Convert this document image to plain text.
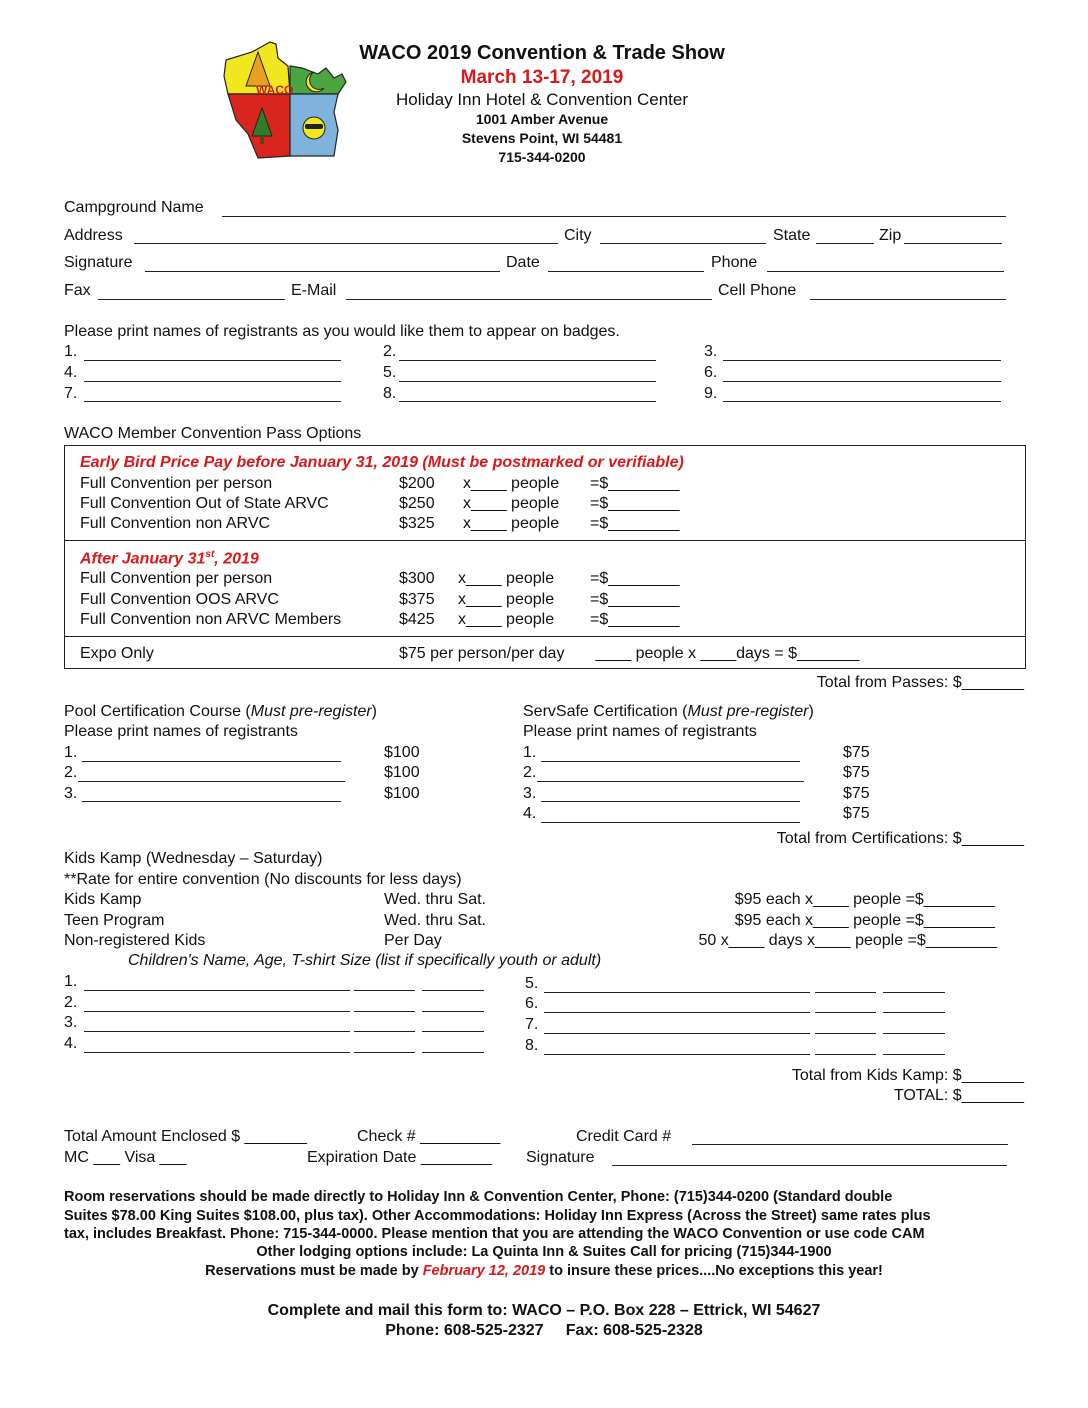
WACO
WACO 2019 Convention & Trade Show
March 13-17, 2019
Holiday Inn Hotel & Convention Center
1001 Amber Avenue
Stevens Point, WI 54481
715-344-0200
Campground Name
Address	City	State	Zip
Signature	Date	Phone
Fax	E-Mail	Cell Phone
Please print names of registrants as you would like them to appear on badges.
1.	2.	3.
4.	5.	6.
7.	8.	9.
WACO Member Convention Pass Options
Early Bird Price Pay before January 31, 2019 (Must be postmarked or verifiable)
Full Convention per person	$200 x____ people =$________
Full Convention Out of State ARVC	$250 x____ people =$________
Full Convention non ARVC	$325 x____ people =$________
After January 31st, 2019
Full Convention per person	$300 x____ people =$________
Full Convention OOS ARVC	$375 x____ people =$________
Full Convention non ARVC Members	$425 x____ people =$________
Expo Only	$75 per person/per day       ____ people x ____days = $_______
Total from Passes: $_______
Pool Certification Course (Must pre-register)
Please print names of registrants
1.	$100
2.	$100
3.	$100
ServSafe Certification (Must pre-register)
Please print names of registrants
1.	$75
2.	$75
3.	$75
4.	$75
Total from Certifications: $_______
Kids Kamp (Wednesday – Saturday)
**Rate for entire convention (No discounts for less days)
Kids Kamp	Wed. thru Sat.	$95 each x____ people =$________
Teen Program	Wed. thru Sat.	$95 each x____ people =$________
Non-registered Kids	Per Day	50 x____ days x____ people =$________
Children's Name, Age, T-shirt Size (list if specifically youth or adult)
1.
2.
3.
4.
5.
6.
7.
8.
Total from Kids Kamp: $_______
TOTAL: $_______
Total Amount Enclosed $ _______	Check # _________	Credit Card #
MC ___ Visa ___	Expiration Date ________ Signature
Room reservations should be made directly to Holiday Inn & Convention Center, Phone: (715)344-0200 (Standard double
Suites $78.00 King Suites $108.00, plus tax). Other Accommodations: Holiday Inn Express (Across the Street) same rates plus
tax, includes Breakfast. Phone: 715-344-0000. Please mention that you are attending the WACO Convention or use code CAM
Other lodging options include: La Quinta Inn & Suites Call for pricing (715)344-1900
Reservations must be made by February 12, 2019 to insure these prices....No exceptions this year!
Complete and mail this form to: WACO – P.O. Box 228 – Ettrick, WI 54627
Phone: 608-525-2327     Fax: 608-525-2328
